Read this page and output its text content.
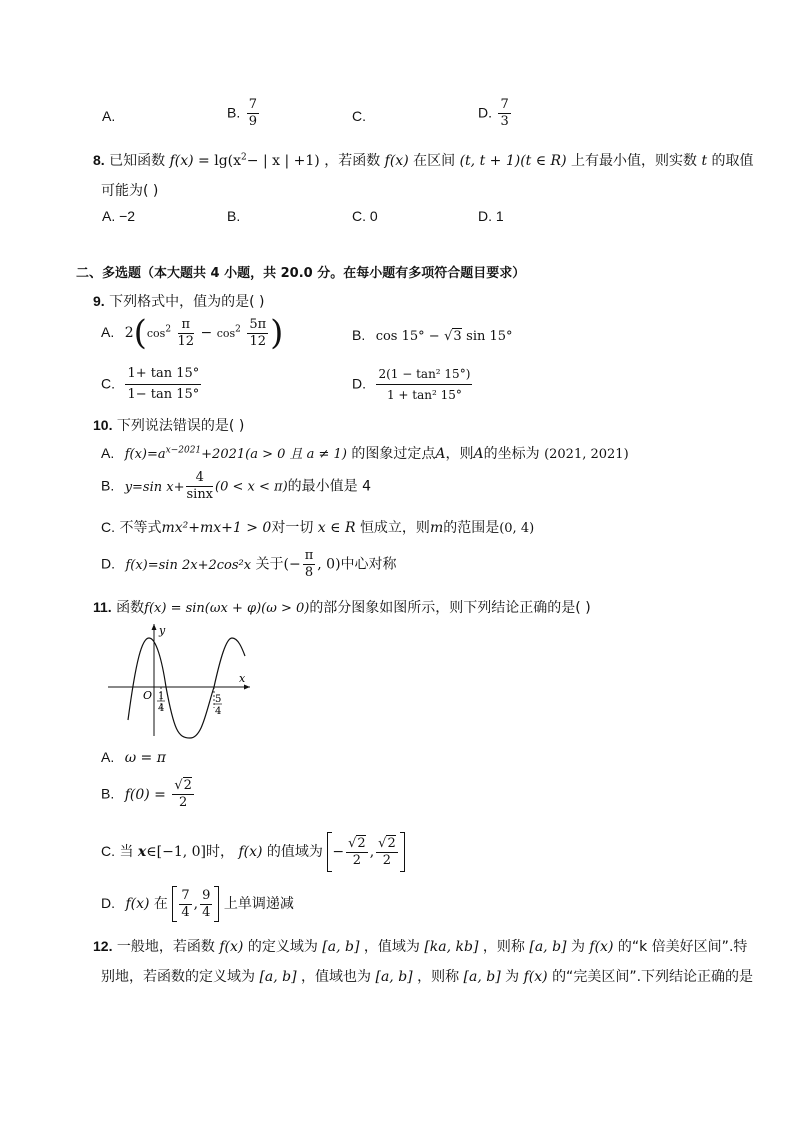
A.	B. $\frac{7}{9}$	C.	D. $\frac{7}{3}$
8. 已知函数 $f(x) = \lg(x^2-$ | x | +1) ，若函数 f(x) 在区间 (t, t + 1)(t ∈ R) 上有最小值，则实数 t 的取值
可能为( )
A. −2	B.	C. 0	D. 1
二、多选题（本大题共 4 小题，共 20.0 分。在每小题有多项符合题目要求）
9. 下列格式中，值为的是( )
A. $2(\cos^2 \frac{\pi}{12} - \cos^2 \frac{5\pi}{12}$ )	B. cos 15° − √3 sin 15°
C. $\frac{1+ \tan 15^\circ}{1- \tan 15^\circ}$	D. $\frac{\text{2(1 − tan² 15°)}}{\text{1 + tan² 15°}}$
10. 下列说法错误的是( )
A. $f(x)=a^{x-2021}+2021(a > 0$ 且 a ≠ 1) 的图象过定点A，则A的坐标为 (2021, 2021)
B. y=sin $x+ \frac{4}{\sin x} (0 < x < \pi)$的最小值是 4
C. 不等式mx²+mx+1 > 0对一切 x ∈ R 恒成立，则m的范围是(0, 4)
D. f(x)=sin 2x+2cos²x 关于(− $\frac{\pi}{8}$ , 0)中心对称
11. 函数f(x) = sin(ωx + φ)(ω > 0)的部分图象如图所示，则下列结论正确的是( )
y
x
O 1
4
5
4
A. ω = π
B. $f(0) = \frac{√2}{2}$
C. 当 x∈[−1, 0]时， f(x) 的值域为 − $\frac{√2}{2}$ , $\frac{√2}{2}$
D. f(x) 在 $\frac{7}{4}$ , $\frac{9}{4}$ 上单调递减
12. 一般地，若函数 f(x) 的定义域为 [a, b] ，值域为 [ka, kb] ，则称 [a, b] 为 f(x) 的“k 倍美好区间”.特
别地，若函数的定义域为 [a, b] ，值域也为 [a, b] ，则称 [a, b] 为 f(x) 的“完美区间”.下列结论正确的是
